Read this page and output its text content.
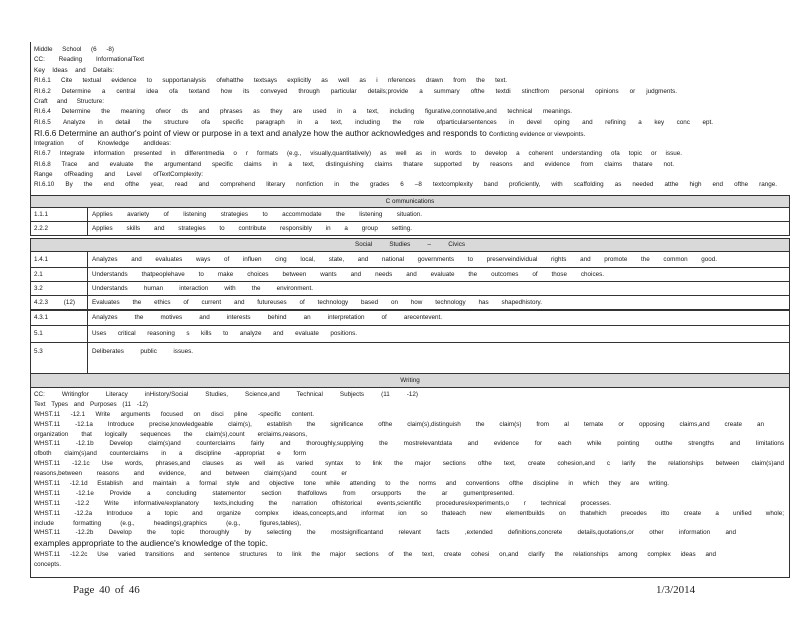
Middle School (6 -8)
CC: Reading InformationalText
Key Ideas and Details:
RI.6.1 Cite textual evidence to supportanalysis ofwhatthe textsays explicitly as well as i nferences drawn from the text.
RI.6.2 Determine a central idea ofa textand how its conveyed through particular details;provide a summary ofthe textdi stinctfrom personal opinions or judgments.
Craft and Structure:
RI.6.4 Determine the meaning ofwor ds and phrases as they are used in a text, including figurative,connotative,and technical meanings.
RI.6.5 Analyze in detail the structure ofa specific paragraph in a text, including the role ofparticularsentences in devel oping and refining a key conc ept.
RI.6.6 Determine an author's point of view or purpose in a text and analyze how the author acknowledges and responds to conflicting evidence or viewpoints.
Integration of Knowledge andIdeas:
RI.6.7 Integrate information presented in differentmedia o r formats (e.g., visually,quantitatively) as well as in words to develop a coherent understanding ofa topic or issue.
RI.6.8 Trace and evaluate the argumentand specific claims in a text, distinguishing claims thatare supported by reasons and evidence from claims thatare not.
Range ofReading and Level ofTextComplexity:
RI.6.10 By the end ofthe year, read and comprehend literary nonfiction in the grades 6 –8 textcomplexity band proficiently, with scaffolding as needed atthe high end ofthe range.
C ommunications
1.1.1	Applies avariety of listening strategies to accommodate the listening situation.
2.2.2	Applies skills and strategies to contribute responsibly in a group setting.
Social Studies – Civics
1.4.1	Analyzes and evaluates ways of influen cing local, state, and national governments to preserveindividual rights and promote the common good.
2.1	Understands thatpeoplehave to make choices between wants and needs and evaluate the outcomes of those choices.
3.2	Understands human interaction with the environment.
4.2.3 (12)	Evaluates the ethics of current and futureuses of technology based on how technology has shapedhistory.
4.3.1	Analyzes the motives and interests behind an interpretation of arecentevent.
5.1	Uses critical reasoning s kills to analyze and evaluate positions.
5.3	Deliberates public issues.
Writing
CC: Writingfor Literacy inHistory/Social Studies, Science,and Technical Subjects (11 -12)
Text Types and Purposes (11 -12)
WHST.11 -12.1 Write arguments focused on disci pline -specific content.
WHST.11 -12.1a Introduce precise,knowledgeable claim(s), establish the significance ofthe claim(s),distinguish the claim(s) from al ternate or opposing claims,and create an
organization that logically sequences the claim(s),count erclaims,reasons,
WHST.11 -12.1b Develop claim(s)and counterclaims fairly and thoroughly,supplying the mostrelevantdata and evidence for each while pointing outthe strengths and limitations
ofboth claim(s)and counterclaims in a discipline -appropriat e form
WHST.11 -12.1c Use words, phrases,and clauses as well as varied syntax to link the major sections ofthe text, create cohesion,and c larify the relationships between claim(s)and
reasons,between reasons and evidence, and between claim(s)and count er
WHST.11 -12.1d Establish and maintain a formal style and objective tone while attending to the norms and conventions ofthe discipline in which they are writing.
WHST.11 -12.1e Provide a concluding statementor section thatfollows from orsupports the ar gumentpresented.
WHST.11 -12.2 Write informative/explanatory texts,including the narration ofhistorical events,scientific procedures/experiments,o r technical processes.
WHST.11 -12.2a Introduce a topic and organize complex ideas,concepts,and informat ion so thateach new elementbuilds on thatwhich precedes itto create a unified whole;
include formatting (e.g., headings),graphics (e.g., figures,tables),
WHST.11 -12.2b Develop the topic thoroughly by selecting the mostsignificantand relevant facts ,extended definitions,concrete details,quotations,or other information and
examples appropriate to the audience's knowledge of the topic.
WHST.11 -12.2c Use varied transitions and sentence structures to link the major sections of the text, create cohesi on,and clarify the relationships among complex ideas and
concepts.
Page 40 of 46	1/3/2014
